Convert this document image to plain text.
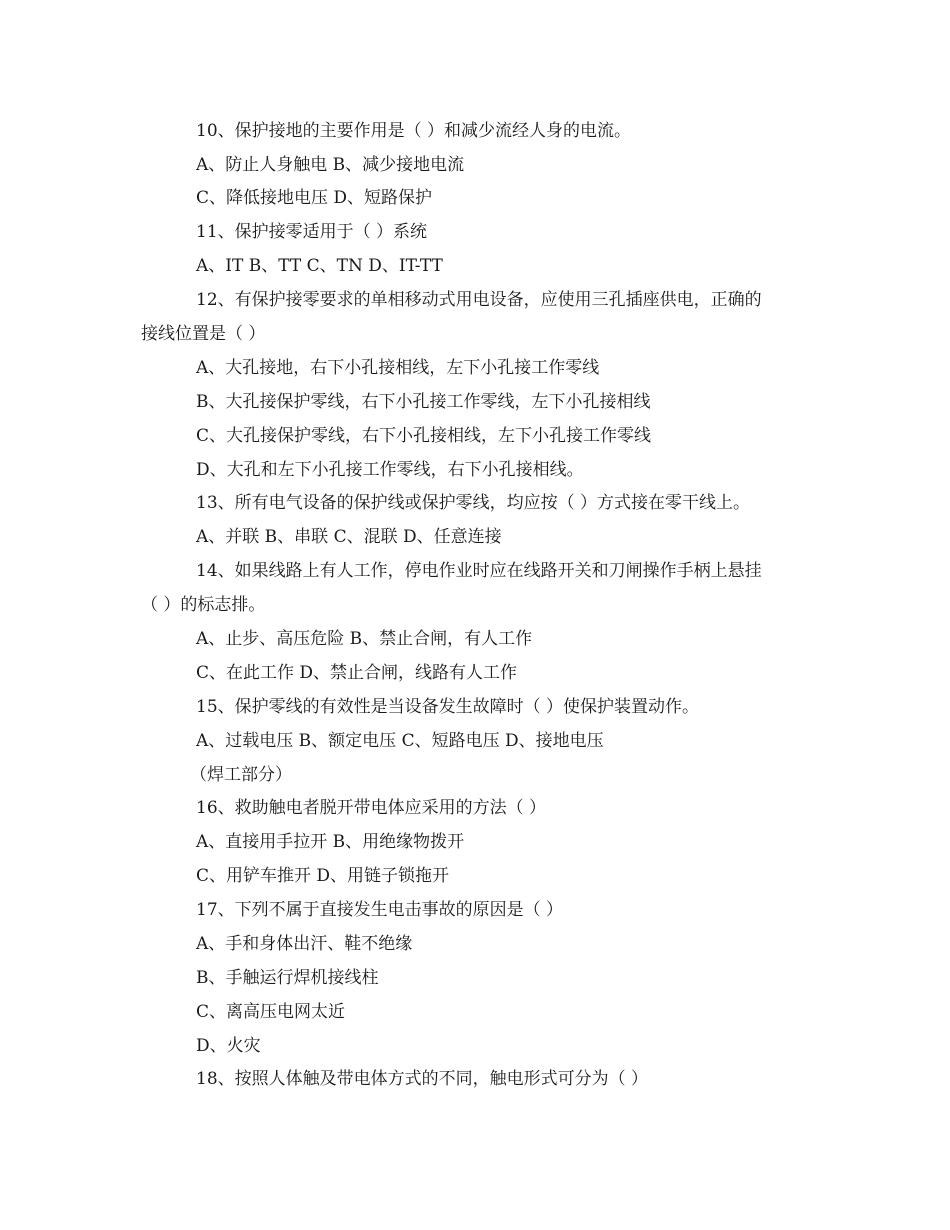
10、保护接地的主要作用是（ ）和减少流经人身的电流。
A、防止人身触电 B、减少接地电流
C、降低接地电压 D、短路保护
11、保护接零适用于（ ）系统
A、IT B、TT C、TN D、IT-TT
12、有保护接零要求的单相移动式用电设备，应使用三孔插座供电，正确的
接线位置是（ ）
A、大孔接地，右下小孔接相线，左下小孔接工作零线
B、大孔接保护零线，右下小孔接工作零线，左下小孔接相线
C、大孔接保护零线，右下小孔接相线，左下小孔接工作零线
D、大孔和左下小孔接工作零线，右下小孔接相线。
13、所有电气设备的保护线或保护零线，均应按（ ）方式接在零干线上。
A、并联 B、串联 C、混联 D、任意连接
14、如果线路上有人工作，停电作业时应在线路开关和刀闸操作手柄上悬挂
（ ）的标志排。
A、止步、高压危险 B、禁止合闸，有人工作
C、在此工作 D、禁止合闸，线路有人工作
15、保护零线的有效性是当设备发生故障时（ ）使保护装置动作。
A、过载电压 B、额定电压 C、短路电压 D、接地电压
（焊工部分）
16、救助触电者脱开带电体应采用的方法（ ）
A、直接用手拉开 B、用绝缘物拨开
C、用铲车推开 D、用链子锁拖开
17、下列不属于直接发生电击事故的原因是（ ）
A、手和身体出汗、鞋不绝缘
B、手触运行焊机接线柱
C、离高压电网太近
D、火灾
18、按照人体触及带电体方式的不同，触电形式可分为（ ）
